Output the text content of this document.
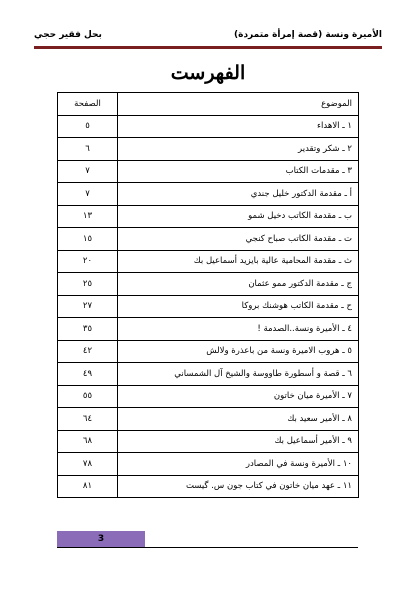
الأميرة ونسة (قصة إمرأة متمردة)
بحل فقير حجي
الفهرست
الموضوع	الصفحة
١ ـ الاهداء	٥
٢ ـ شكر وتقدير	٦
٣ ـ مقدمات الكتاب	٧
أ ـ مقدمة الدكتور خليل جندي	٧
ب ـ مقدمة الكاتب دخيل شمو	١٣
ت ـ مقدمة الكاتب صباح كنجي	١٥
ث ـ مقدمة المحامية عالية بايزيد أسماعيل بك	٢٠
ج ـ مقدمة الدكتور ممو عثمان	٢٥
ح ـ مقدمة الكاتب هوشنك بروكا	٢٧
٤ ـ الأميرة ونسة..الصدمة !	٣٥
٥ ـ هروب الاميرة ونسة من باعذرة ولالش	٤٢
٦ ـ قصة و أسطورة طاووسة والشيخ آل الشمساني	٤٩
٧ ـ الأميرة ميان خاتون	٥٥
٨ ـ الأمير سعيد بك	٦٤
٩ ـ الأمير أسماعيل بك	٦٨
١٠ ـ الأميرة ونسة في المصادر	٧٨
١١ ـ عهد ميان خاتون في كتاب جون س. گيست	٨١
3
